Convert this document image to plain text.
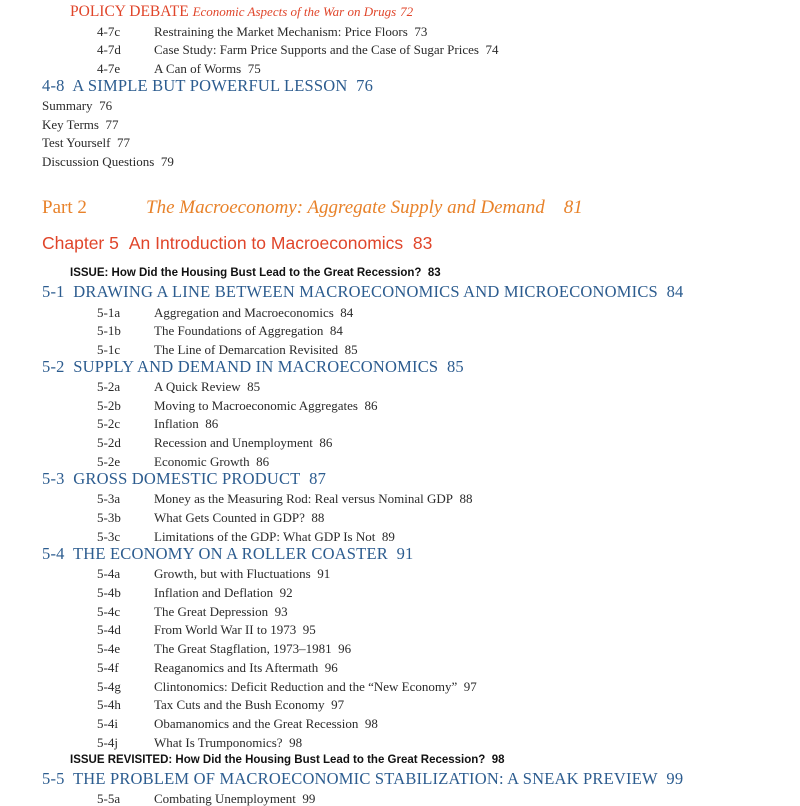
POLICY DEBATE Economic Aspects of the War on Drugs 72
4-7c	Restraining the Market Mechanism: Price Floors 73
4-7d	Case Study: Farm Price Supports and the Case of Sugar Prices 74
4-7e	A Can of Worms 75
4-8 A SIMPLE BUT POWERFUL LESSON 76
Summary 76
Key Terms 77
Test Yourself 77
Discussion Questions 79
Part 2	The Macroeconomy: Aggregate Supply and Demand 81
Chapter 5 An Introduction to Macroeconomics 83
ISSUE: How Did the Housing Bust Lead to the Great Recession? 83
5-1 DRAWING A LINE BETWEEN MACROECONOMICS AND MICROECONOMICS 84
5-1a	Aggregation and Macroeconomics 84
5-1b	The Foundations of Aggregation 84
5-1c	The Line of Demarcation Revisited 85
5-2 SUPPLY AND DEMAND IN MACROECONOMICS 85
5-2a	A Quick Review 85
5-2b	Moving to Macroeconomic Aggregates 86
5-2c	Inflation 86
5-2d	Recession and Unemployment 86
5-2e	Economic Growth 86
5-3 GROSS DOMESTIC PRODUCT 87
5-3a	Money as the Measuring Rod: Real versus Nominal GDP 88
5-3b	What Gets Counted in GDP? 88
5-3c	Limitations of the GDP: What GDP Is Not 89
5-4 THE ECONOMY ON A ROLLER COASTER 91
5-4a	Growth, but with Fluctuations 91
5-4b	Inflation and Deflation 92
5-4c	The Great Depression 93
5-4d	From World War II to 1973 95
5-4e	The Great Stagflation, 1973–1981 96
5-4f	Reaganomics and Its Aftermath 96
5-4g	Clintonomics: Deficit Reduction and the “New Economy” 97
5-4h	Tax Cuts and the Bush Economy 97
5-4i	Obamanomics and the Great Recession 98
5-4j	What Is Trumponomics? 98
ISSUE REVISITED: How Did the Housing Bust Lead to the Great Recession? 98
5-5 THE PROBLEM OF MACROECONOMIC STABILIZATION: A SNEAK PREVIEW 99
5-5a	Combating Unemployment 99
